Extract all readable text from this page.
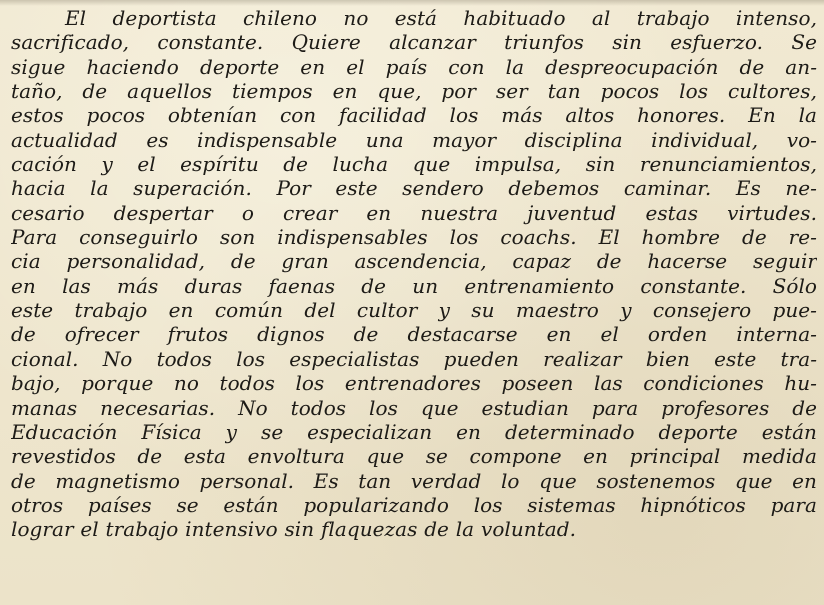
El deportista chileno no está habituado al trabajo intenso,
sacrificado, constante. Quiere alcanzar triunfos sin esfuerzo. Se
sigue haciendo deporte en el país con la despreocupación de an-
taño, de aquellos tiempos en que, por ser tan pocos los cultores,
estos pocos obtenían con facilidad los más altos honores. En la
actualidad es indispensable una mayor disciplina individual, vo-
cación y el espíritu de lucha que impulsa, sin renunciamientos,
hacia la superación. Por este sendero debemos caminar. Es ne-
cesario despertar o crear en nuestra juventud estas virtudes.
Para conseguirlo son indispensables los coachs. El hombre de re-
cia personalidad, de gran ascendencia, capaz de hacerse seguir
en las más duras faenas de un entrenamiento constante. Sólo
este trabajo en común del cultor y su maestro y consejero pue-
de ofrecer frutos dignos de destacarse en el orden interna-
cional. No todos los especialistas pueden realizar bien este tra-
bajo, porque no todos los entrenadores poseen las condiciones hu-
manas necesarias. No todos los que estudian para profesores de
Educación Física y se especializan en determinado deporte están
revestidos de esta envoltura que se compone en principal medida
de magnetismo personal. Es tan verdad lo que sostenemos que en
otros países se están popularizando los sistemas hipnóticos para
lograr el trabajo intensivo sin flaquezas de la voluntad.
